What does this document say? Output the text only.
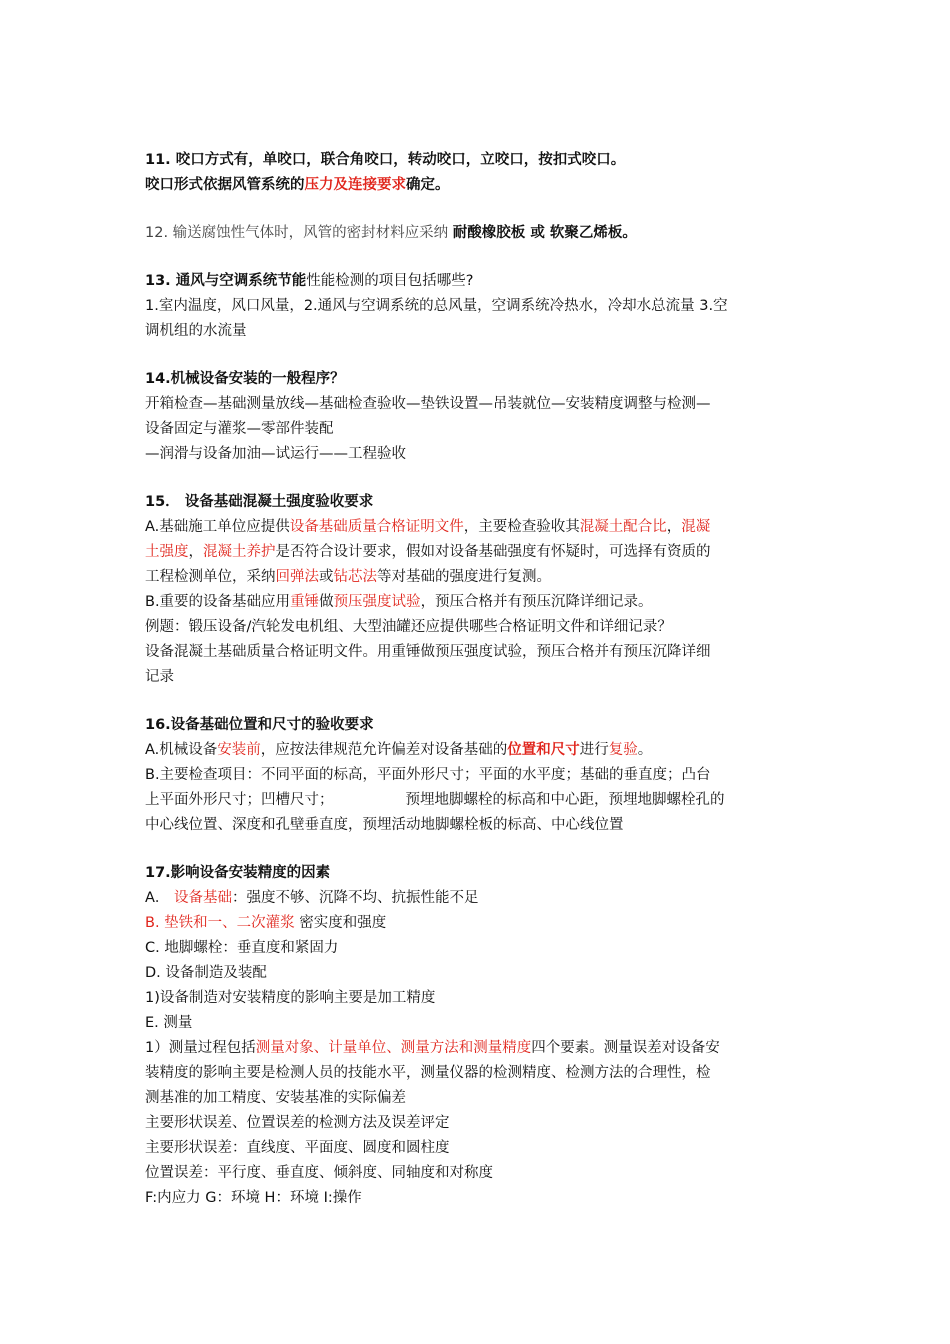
11. 咬口方式有，单咬口，联合角咬口，转动咬口，立咬口，按扣式咬口。
咬口形式依据风管系统的压力及连接要求确定。
12. 输送腐蚀性气体时，风管的密封材料应采纳 耐酸橡胶板 或 软聚乙烯板。
13. 通风与空调系统节能性能检测的项目包括哪些?
1.室内温度，风口风量，2.通风与空调系统的总风量，空调系统冷热水，冷却水总流量 3.空
调机组的水流量
14.机械设备安装的一般程序？
开箱检查—基础测量放线—基础检查验收—垫铁设置—吊装就位—安装精度调整与检测—
设备固定与灌浆—零部件装配
—润滑与设备加油—试运行——工程验收
15． 设备基础混凝土强度验收要求
A.基础施工单位应提供设备基础质量合格证明文件，主要检查验收其混凝土配合比，混凝
土强度，混凝土养护是否符合设计要求，假如对设备基础强度有怀疑时，可选择有资质的
工程检测单位，采纳回弹法或钻芯法等对基础的强度进行复测。
B.重要的设备基础应用重锤做预压强度试验，预压合格并有预压沉降详细记录。
例题：锻压设备/汽轮发电机组、大型油罐还应提供哪些合格证明文件和详细记录？
设备混凝土基础质量合格证明文件。用重锤做预压强度试验，预压合格并有预压沉降详细
记录
16.设备基础位置和尺寸的验收要求
A.机械设备安装前，应按法律规范允许偏差对设备基础的位置和尺寸进行复验。
B.主要检查项目：不同平面的标高，平面外形尺寸；平面的水平度；基础的垂直度；凸台
上平面外形尺寸；凹槽尺寸；	预埋地脚螺栓的标高和中心距，预埋地脚螺栓孔的
中心线位置、深度和孔壁垂直度，预埋活动地脚螺栓板的标高、中心线位置
17.影响设备安装精度的因素
A． 设备基础：强度不够、沉降不均、抗振性能不足
B. 垫铁和一、二次灌浆 密实度和强度
C. 地脚螺栓：垂直度和紧固力
D. 设备制造及装配
1)设备制造对安装精度的影响主要是加工精度
E. 测量
1）测量过程包括测量对象、计量单位、测量方法和测量精度四个要素。测量误差对设备安
装精度的影响主要是检测人员的技能水平，测量仪器的检测精度、检测方法的合理性，检
测基准的加工精度、安装基准的实际偏差
主要形状误差、位置误差的检测方法及误差评定
主要形状误差：直线度、平面度、圆度和圆柱度
位置误差：平行度、垂直度、倾斜度、同轴度和对称度
F:内应力 G：环境 H：环境 I:操作
